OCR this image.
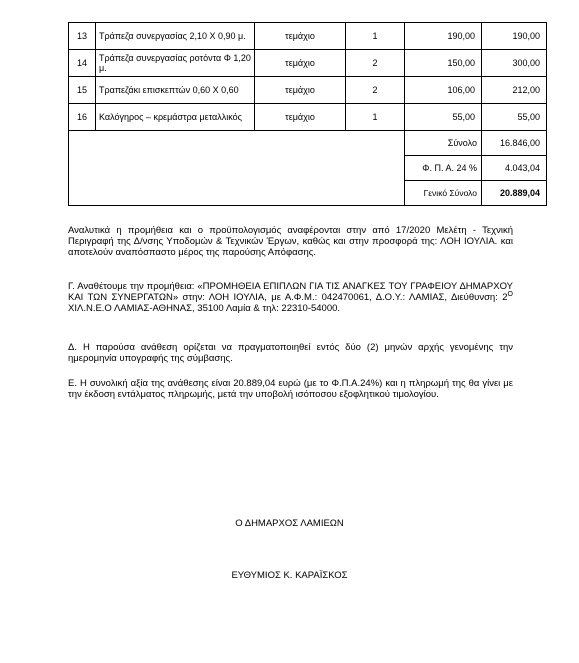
13	Τράπεζα συνεργασίας 2,10 Χ 0,90 μ.	τεμάχιο	1	190,00	190,00
14	Τράπεζα συνεργασίας ροτόντα Φ 1,20 μ.	τεμάχιο	2	150,00	300,00
15	Τραπεζάκι επισκεπτών 0,60 Χ 0,60	τεμάχιο	2	106,00	212,00
16	Καλόγηρος – κρεμάστρα μεταλλικός	τεμάχιο	1	55,00	55,00
				Σύνολο	16.846,00
				Φ. Π. Α. 24 %	4.043,04
				Γενικό Σύνολο	20.889,04

Αναλυτικά η προμήθεια και ο προϋπολογισμός αναφέρονται στην από 17/2020 Μελέτη - Τεχνική Περιγραφή της Δ/νσης Υποδομών & Τεχνικών Έργων, καθώς και στην προσφορά της: ΛΟΗ ΙΟΥΛΙΑ. και αποτελούν αναπόσπαστο μέρος της παρούσης Απόφασης.

Γ. Αναθέτουμε την προμήθεια: «ΠΡΟΜΗΘΕΙΑ ΕΠΙΠΛΩΝ ΓΙΑ ΤΙΣ ΑΝΑΓΚΕΣ ΤΟΥ ΓΡΑΦΕΙΟΥ ΔΗΜΑΡΧΟΥ ΚΑΙ ΤΩΝ ΣΥΝΕΡΓΑΤΩΝ» στην: ΛΟΗ ΙΟΥΛΙΑ, με Α.Φ.Μ.: 042470061, Δ.Ο.Υ.: ΛΑΜΙΑΣ, Διεύθυνση: $2^O$ ΧΙΛ.Ν.Ε.Ο ΛΑΜΙΑΣ-ΑΘΗΝΑΣ, 35100 Λαμία & τηλ: 22310-54000.

Δ. Η παρούσα ανάθεση ορίζεται να πραγματοποιηθεί εντός δύο (2) μηνών αρχής γενομένης την ημερομηνία υπογραφής της σύμβασης.

Ε. Η συνολική αξία της ανάθεσης είναι 20.889,04 ευρώ (με το Φ.Π.Α.24%) και η πληρωμή της θα γίνει με την έκδοση εντάλματος πληρωμής, μετά την υποβολή ισόποσου εξοφλητικού τιμολογίου.

Ο ΔΗΜΑΡΧΟΣ ΛΑΜΙΕΩΝ
ΕΥΘΥΜΙΟΣ Κ. ΚΑΡΑΪΣΚΟΣ
